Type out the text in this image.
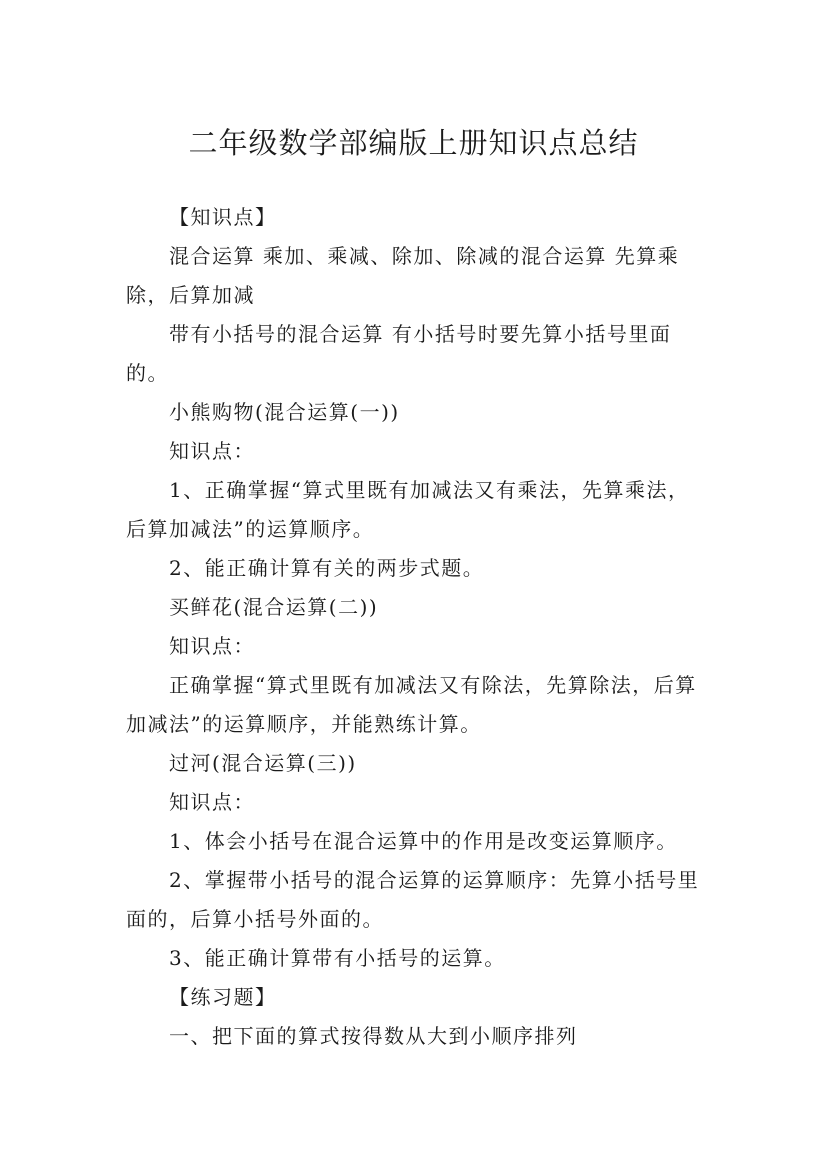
二年级数学部编版上册知识点总结

【知识点】

混合运算 乘加、乘减、除加、除减的混合运算 先算乘除，后算加减

带有小括号的混合运算 有小括号时要先算小括号里面的。

小熊购物(混合运算(一))

知识点：

1、正确掌握“算式里既有加减法又有乘法，先算乘法，后算加减法”的运算顺序。

2、能正确计算有关的两步式题。

买鲜花(混合运算(二))

知识点：

正确掌握“算式里既有加减法又有除法，先算除法，后算加减法”的运算顺序，并能熟练计算。

过河(混合运算(三))

知识点：

1、体会小括号在混合运算中的作用是改变运算顺序。

2、掌握带小括号的混合运算的运算顺序：先算小括号里面的，后算小括号外面的。

3、能正确计算带有小括号的运算。

【练习题】

一、把下面的算式按得数从大到小顺序排列
